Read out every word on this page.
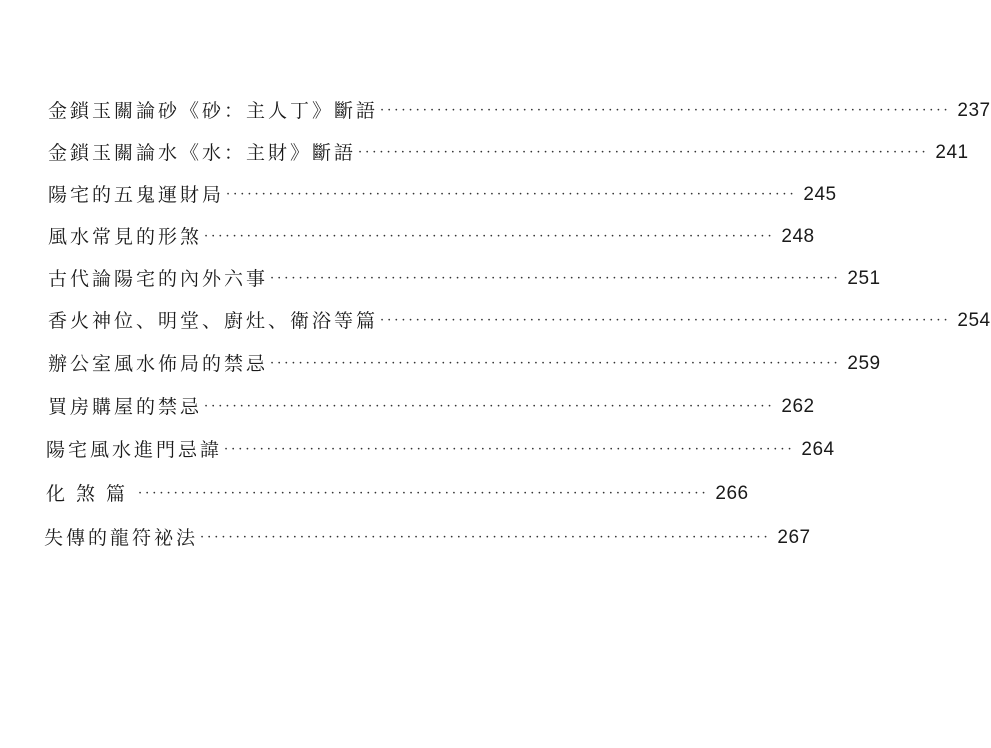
金鎖玉關論砂《砂：主人丁》斷語 ················································································ 237
金鎖玉關論水《水：主財》斷語 ················································································ 241
陽宅的五鬼運財局 ················································································ 245
風水常見的形煞 ················································································ 248
古代論陽宅的內外六事 ················································································ 251
香火神位、明堂、廚灶、衛浴等篇 ················································································ 254
辦公室風水佈局的禁忌 ················································································ 259
買房購屋的禁忌 ················································································ 262
陽宅風水進門忌諱 ················································································ 264
化煞篇 ················································································ 266
失傳的龍符祕法 ················································································ 267
